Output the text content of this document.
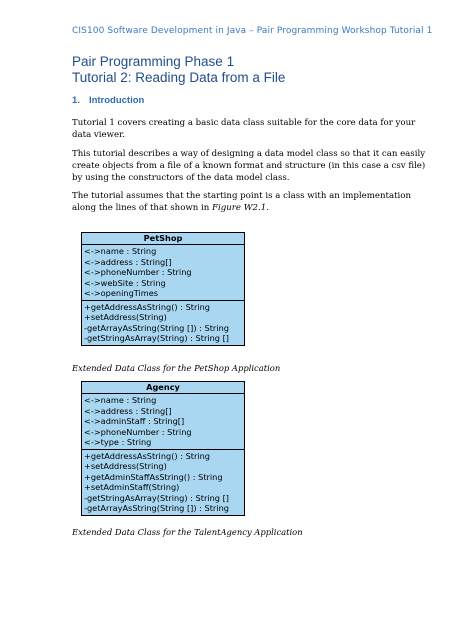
CIS100 Software Development in Java – Pair Programming Workshop Tutorial 1
Pair Programming Phase 1
Tutorial 2: Reading Data from a File
1. Introduction

Tutorial 1 covers creating a basic data class suitable for the core data for your

data viewer.

This tutorial describes a way of designing a data model class so that it can easily

create objects from a file of a known format and structure (in this case a csv file)

by using the constructors of the data model class.

The tutorial assumes that the starting point is a class with an implementation

along the lines of that shown in Figure W2.1.

PetShop
<->name : String
<->address : String[]
<->phoneNumber : String
<->webSite : String
<->openingTimes
+getAddressAsString() : String
+setAddress(String)
-getArrayAsString(String []) : String
-getStringAsArray(String) : String []
Extended Data Class for the PetShop Application
Agency
<->name : String
<->address : String[]
<->adminStaff : String[]
<->phoneNumber : String
<->type : String
+getAddressAsString() : String
+setAddress(String)
+getAdminStaffAsString() : String
+setAdminStaff(String)
-getStringAsArray(String) : String []
-getArrayAsString(String []) : String
Extended Data Class for the TalentAgency Application
